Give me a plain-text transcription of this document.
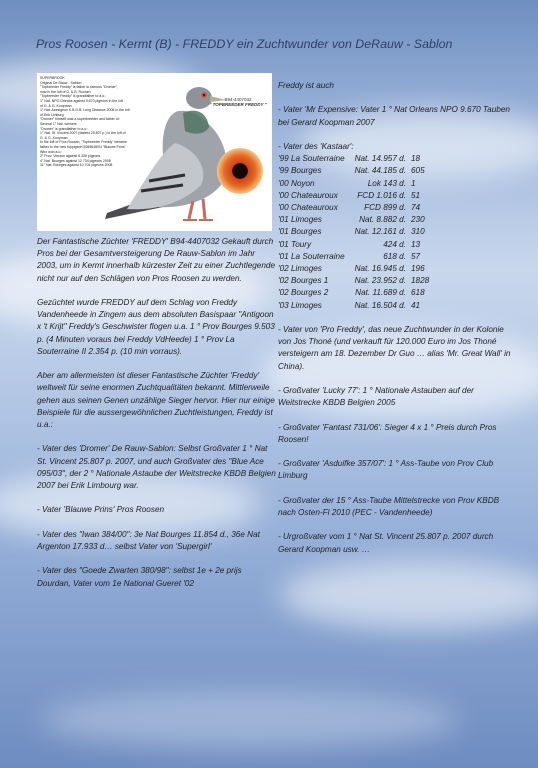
Pros Roosen - Kermt (B) - FREDDY ein Zuchtwunder von DeRauw - Sablon
SUPERBROOK
Original De Rauw - Sablon
"Topbreeder Freddy" is father to famous "Dromer",
now in the loft of D. & B. Roosen
"Topbreeder Freddy" is grandfather to a.o.:
1° Nat. NPO Orleans against 9.670 pigeons in the loft
of G. & G. Koopman
1° Nat. Acesigeon K.B.D.B. Long Distance 2006 in the loft
of Erik Limburg
"Dromer" himself was a superbreeder and father of:
Several 1° Nat. winners
"Dromer" is grandfather to a.o.:
1° Nat. St. Vincent 2007 (fastest 25.807 p.) in the loft of
G. & G. Koopman
In the loft of Pros Roosen, "Topbreeder Freddy" became
father to the new toppigeon 5069648/04 "Blauwe Prins"
Who won a.o.:
2° Prov. Vierzon against 6.326 pigeons
4° Nat. Bourges against 12.734 pigeons 2008
11° Nat. Bourges against 10.704 pigeons 2008
B94-4407032
" TOPBREEDER FREDDY "

Der Fantastische Züchter 'FREDDY' B94-4407032 Gekauft durch Pros bei der Gesamtversteigerung De Rauw-Sablon im Jahr 2003, um in Kermt innerhalb kürzester Zeit zu einer Zuchtlegende nicht nur auf den Schlägen von Pros Roosen zu werden.

Gezüchtet wurde FREDDY auf dem Schlag von Freddy Vandenheede in Zingem aus dem absoluten Basispaar "Antigoon x 't Krijt" Freddy's Geschwister flogen u.a. 1 ° Prov Bourges 9.503 p. (4 Minuten voraus bei Freddy VdHeede) 1 ° Prov La Souterraine II 2.354 p. (10 min vorraus).

Aber am allermeisten ist dieser Fantastische Züchter 'Freddy' weltweit für seine enormen Zuchtqualitäten bekannt. Mittlerweile gehen aus seinen Genen unzählige Sieger hervor. Hier nur einige Beispiele für die aussergewöhnlichen Zuchtleistungen, Freddy ist u.a.:

- Vater des 'Dromer' De Rauw-Sablon: Selbst Großvater 1 ° Nat St. Vincent 25.807 p. 2007, und auch Großvater des "Blue Ace 095/03", der 2 ° Nationale Astaube der Weitstrecke KBDB Belgien 2007 bei Erik Limbourg war.

- Vater 'Blauwe Prins' Pros Roosen

- Vater des "Iwan 384/00": 3e Nat Bourges 11.854 d., 36e Nat Argenton 17.933 d… selbst Vater von 'Supergirl'

- Vater des "Goede Zwarten 380/98": selbst 1e + 2e prijs Dourdan, Vater vom 1e National Gueret '02

Freddy ist auch

- Vater 'Mr Expensive: Vater 1 ° Nat Orleans NPO 9.670 Tauben bei Gerard Koopman 2007

- Vater des 'Kastaar':
'99 La Souterraine	Nat. 14.957 d. 18
'99 Bourges	Nat. 44.185 d. 605
'00 Noyon	Lok 143 d. 1
'00 Chateauroux	FCD 1.016 d. 51
'00 Chateauroux	FCD 899 d. 74
'01 Limoges	Nat. 8.882 d. 230
'01 Bourges	Nat. 12.161 d. 310
'01 Toury	424 d. 13
'01 La Souterraine	618 d. 57
'02 Limoges	Nat. 16.945 d. 196
'02 Bourges 1	Nat. 23.952 d. 1828
'02 Bourges 2	Nat. 11.689 d. 618
'03 Limoges	Nat. 16.504 d. 41

- Vater von 'Pro Freddy', das neue Zuchtwunder in der Kolonie von Jos Thoné (und verkauft für 120.000 Euro im Jos Thoné versteigern am 18. Dezember Dr Guo … alias 'Mr. Great Wall' in China).

- Großvater 'Lucky 77': 1 ° Nationale Astauben auf der Weitstrecke KBDB Belgien 2005

- Großvater 'Fantast 731/06': Sieger 4 x 1 ° Preis durch Pros Roosen!

- Großvater 'Asduifke 357/07': 1 ° Ass-Taube von Prov Club Limburg

- Großvater der 15 ° Ass-Taube Mittelstrecke von Prov KBDB nach Osten-Fl 2010 (PEC - Vandenheede)

- Urgroßvater vom 1 ° Nat St. Vincent 25.807 p. 2007 durch Gerard Koopman usw. …
